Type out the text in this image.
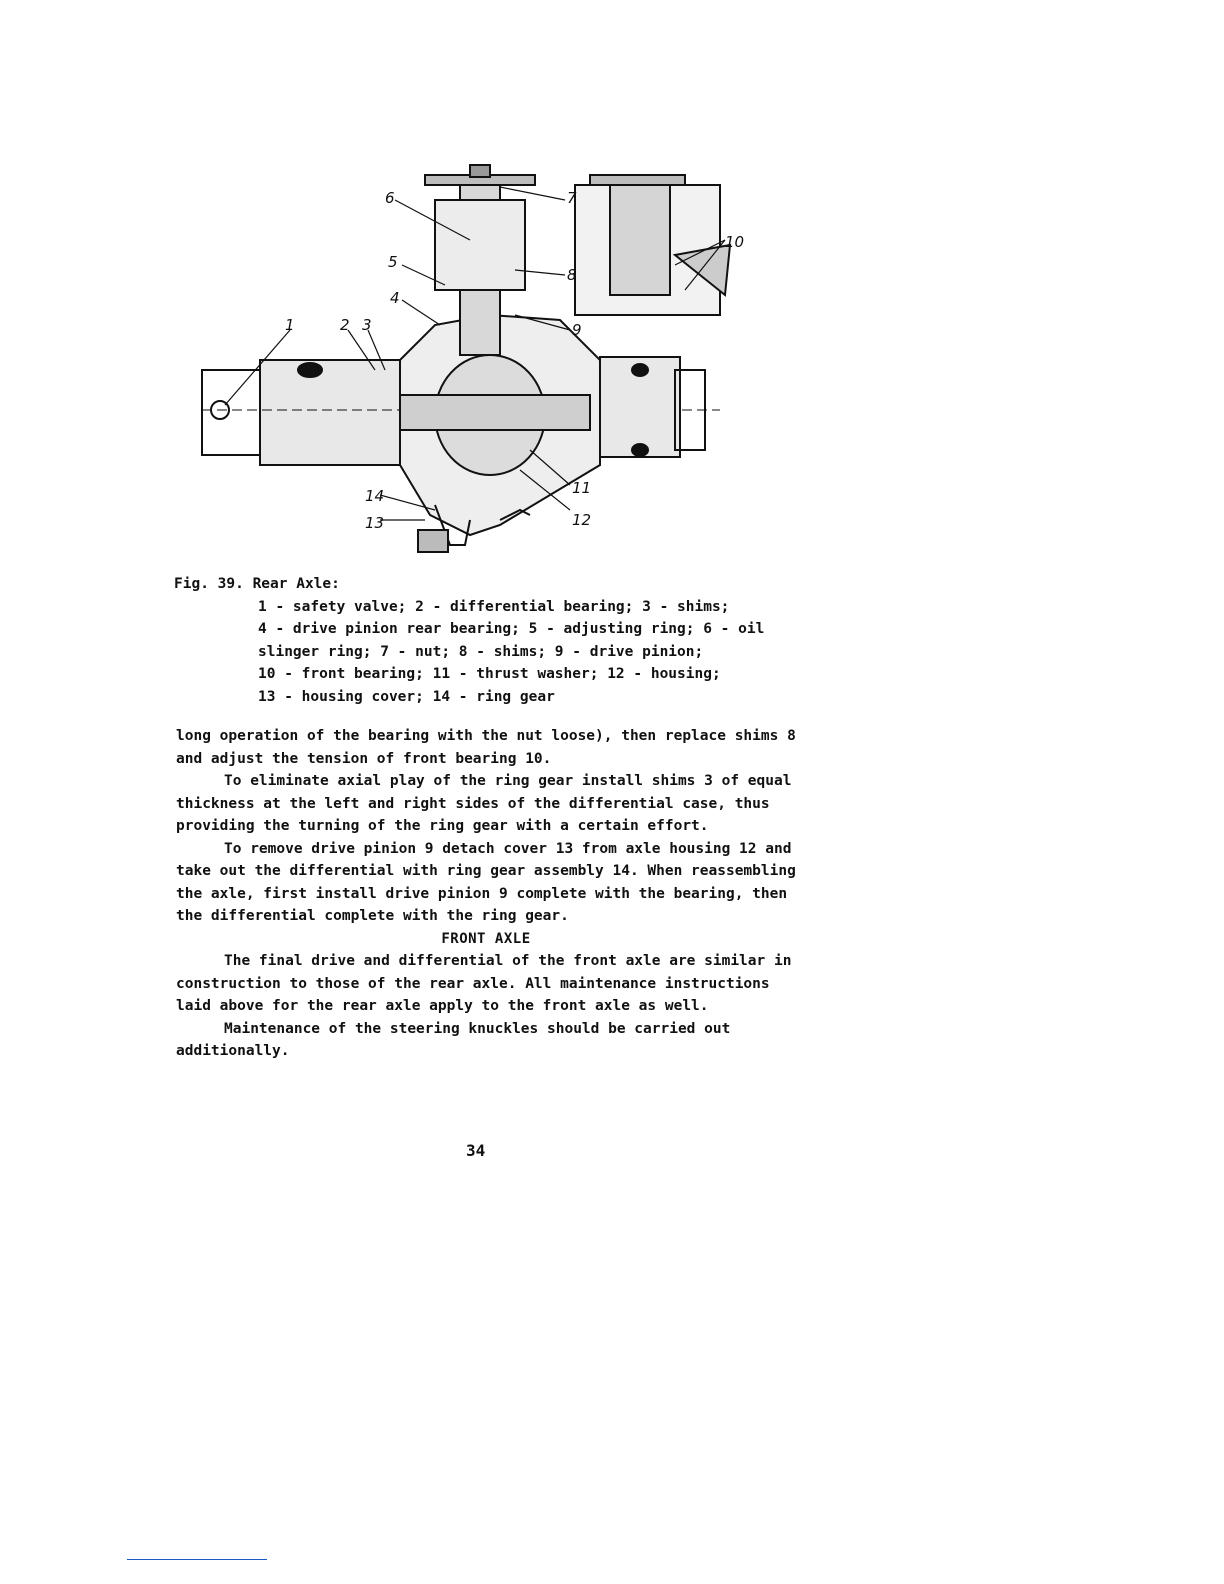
1	2 3
4
5
6	7
8
9
10
11
12
13
14
Fig. 39. Rear Axle:
1 - safety valve; 2 - differential bearing; 3 - shims;
4 - drive pinion rear bearing; 5 - adjusting ring; 6 - oil
slinger ring; 7 - nut; 8 - shims; 9 - drive pinion;
10 - front bearing; 11 - thrust washer; 12 - housing;
13 - housing cover; 14 - ring gear

long operation of the bearing with the nut loose), then replace shims 8 and adjust the tension of front bearing 10.

To eliminate axial play of the ring gear install shims 3 of equal thickness at the left and right sides of the differential case, thus providing the turning of the ring gear with a certain effort.

To remove drive pinion 9 detach cover 13 from axle housing 12 and take out the differential with ring gear assembly 14. When reassembling the axle, first install drive pinion 9 complete with the bearing, then the differential complete with the ring gear.

FRONT AXLE

The final drive and differential of the front axle are similar in construction to those of the rear axle. All maintenance instructions laid above for the rear axle apply to the front axle as well.

Maintenance of the steering knuckles should be carried out additionally.

34
